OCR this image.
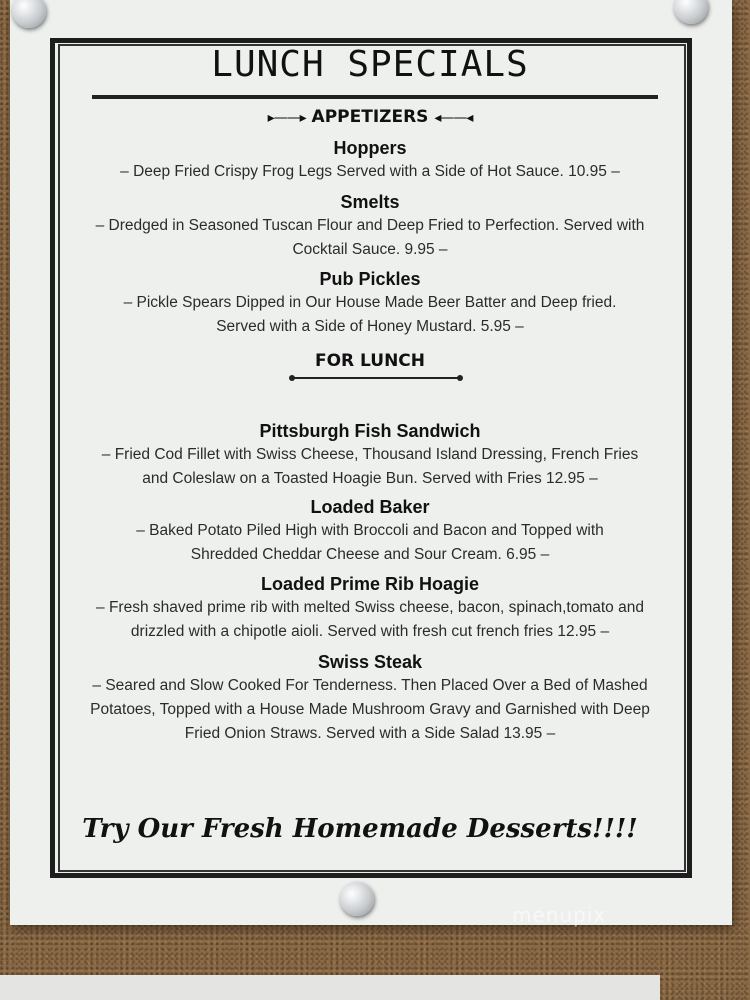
LUNCH SPECIALS
▸——▸ APPETIZERS ◂——◂
Hoppers
– Deep Fried Crispy Frog Legs Served with a Side of Hot Sauce. 10.95 –
Smelts
– Dredged in Seasoned Tuscan Flour and Deep Fried to Perfection. Served with Cocktail Sauce. 9.95 –
Pub Pickles
– Pickle Spears Dipped in Our House Made Beer Batter and Deep fried. Served with a Side of Honey Mustard. 5.95 –
FOR LUNCH
Pittsburgh Fish Sandwich
– Fried Cod Fillet with Swiss Cheese, Thousand Island Dressing, French Fries and Coleslaw on a Toasted Hoagie Bun. Served with Fries 12.95 –
Loaded Baker
– Baked Potato Piled High with Broccoli and Bacon and Topped with Shredded Cheddar Cheese and Sour Cream. 6.95 –
Loaded Prime Rib Hoagie
– Fresh shaved prime rib with melted Swiss cheese, bacon, spinach,tomato and drizzled with a chipotle aioli. Served with fresh cut french fries 12.95 –
Swiss Steak
– Seared and Slow Cooked For Tenderness. Then Placed Over a Bed of Mashed Potatoes, Topped with a House Made Mushroom Gravy and Garnished with Deep Fried Onion Straws. Served with a Side Salad 13.95 –
Try Our Fresh Homemade Desserts!!!!
menupix
